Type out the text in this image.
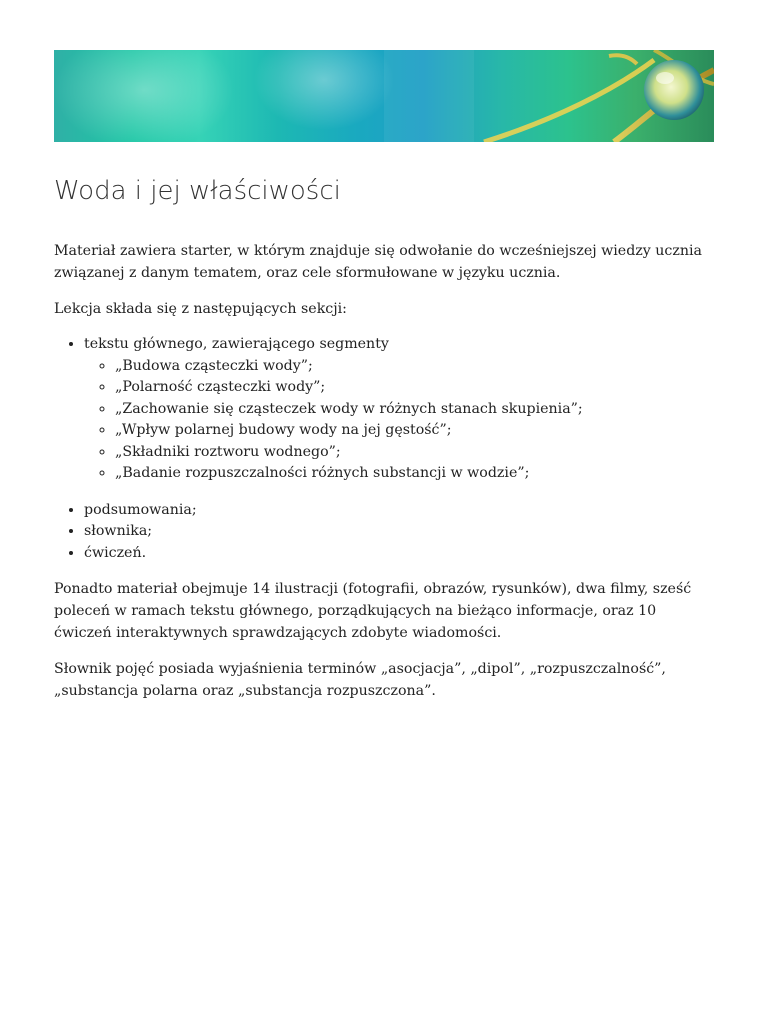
Woda i jej właściwości

Materiał zawiera starter, w którym znajduje się odwołanie do wcześniejszej wiedzy ucznia związanej z danym tematem, oraz cele sformułowane w języku ucznia.

Lekcja składa się z następujących sekcji:

• tekstu głównego, zawierającego segmenty
◦ „Budowa cząsteczki wody”;
◦ „Polarność cząsteczki wody”;
◦ „Zachowanie się cząsteczek wody w różnych stanach skupienia”;
◦ „Wpływ polarnej budowy wody na jej gęstość”;
◦ „Składniki roztworu wodnego”;
◦ „Badanie rozpuszczalności różnych substancji w wodzie”;
• podsumowania;
• słownika;
• ćwiczeń.

Ponadto materiał obejmuje 14 ilustracji (fotografii, obrazów, rysunków), dwa filmy, sześć poleceń w ramach tekstu głównego, porządkujących na bieżąco informacje, oraz 10 ćwiczeń interaktywnych sprawdzających zdobyte wiadomości.

Słownik pojęć posiada wyjaśnienia terminów „asocjacja”, „dipol”, „rozpuszczalność”, „substancja polarna oraz „substancja rozpuszczona”.
